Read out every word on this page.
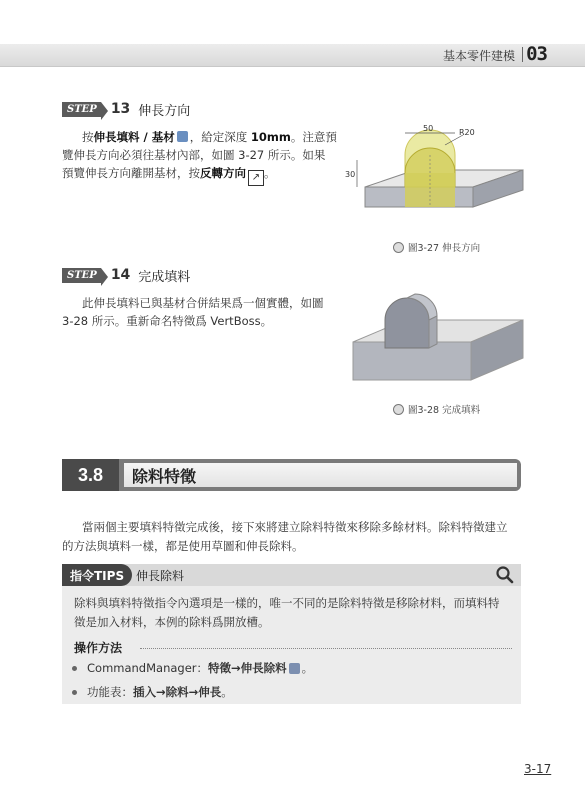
基本零件建模 03
STEP 13 伸長方向
按伸長填料 / 基材 ，給定深度 10mm。注意預
覽伸長方向必須往基材內部，如圖 3-27 所示。如果
預覽伸長方向離開基材，按反轉方向 ↗ 。
50	R20
30
圖3-27 伸長方向
STEP 14 完成填料
此伸長填料已與基材合併結果爲一個實體，如圖
3-28 所示。重新命名特徵爲 VertBoss。
圖3-28 完成填料
3.8	除料特徵
當兩個主要填料特徵完成後，接下來將建立除料特徵來移除多餘材料。除料特徵建立
的方法與填料一樣，都是使用草圖和伸長除料。
指令TIPS 伸長除料
除料與填料特徵指令內選項是一樣的，唯一不同的是除料特徵是移除材料，而填料特
徵是加入材料，本例的除料爲開放槽。
操作方法
CommandManager： 特徵→伸長除料 。
功能表： 插入→除料→伸長 。
3-17
